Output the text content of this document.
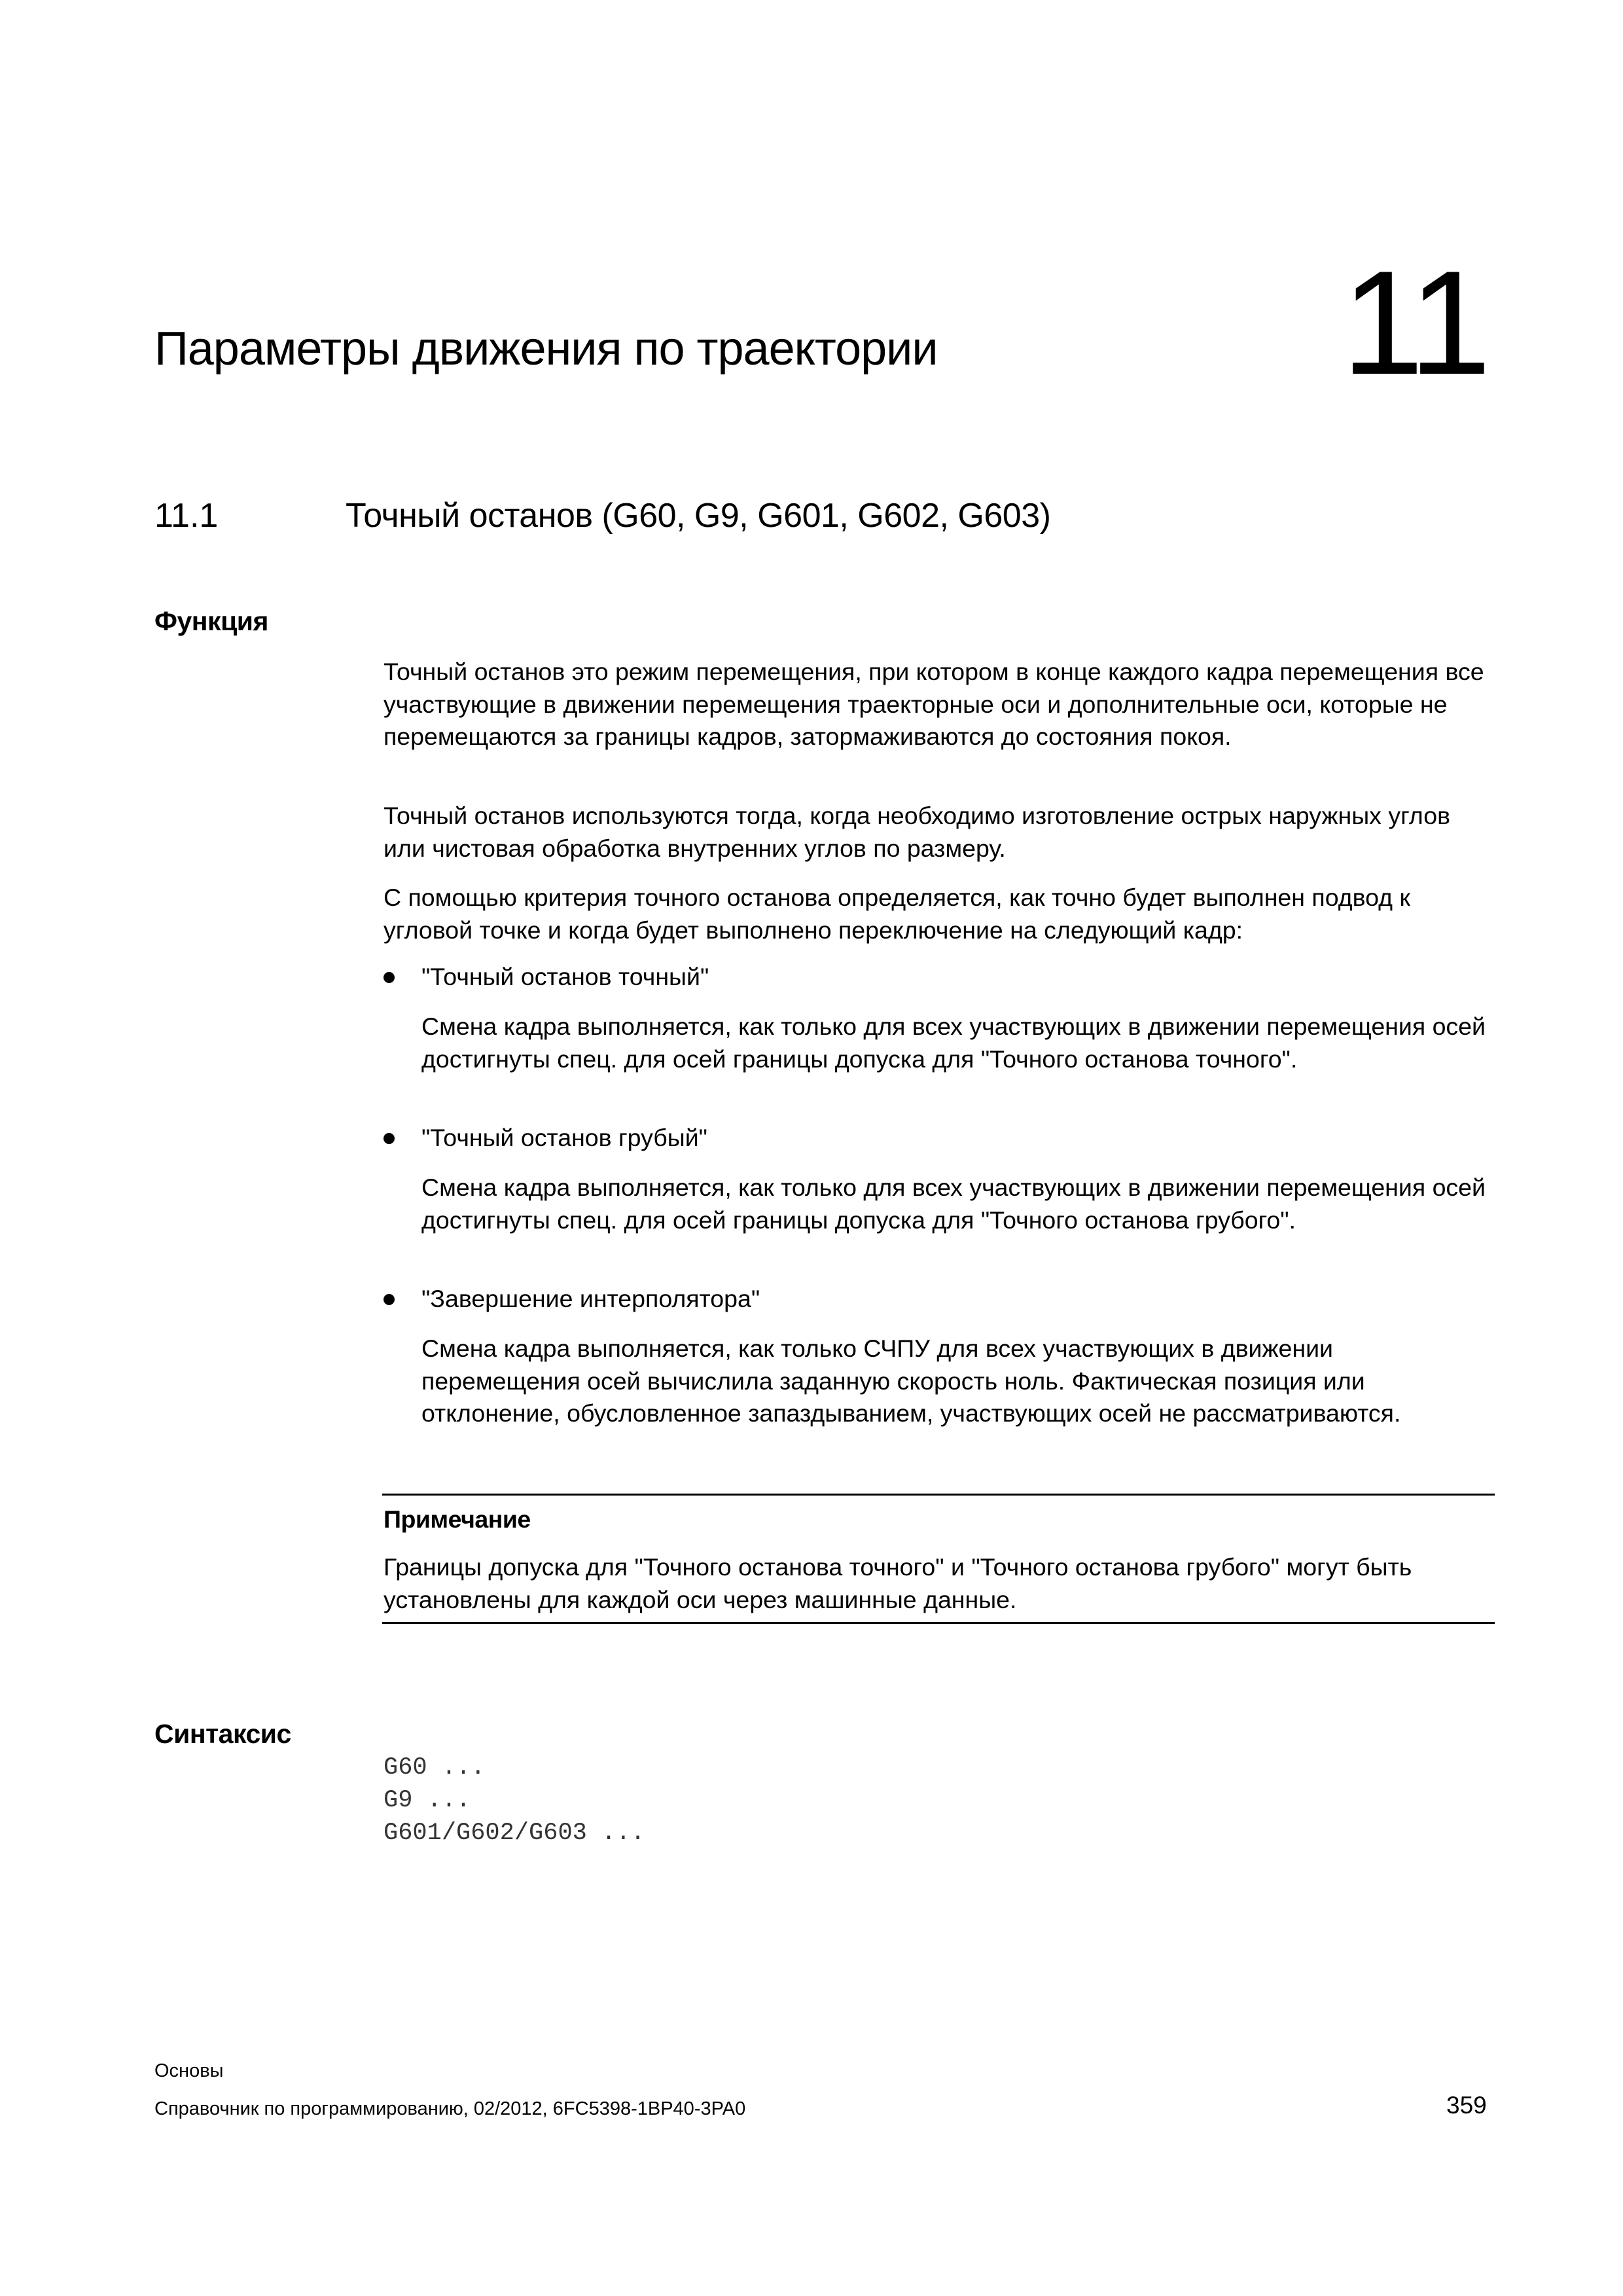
Параметры движения по траектории	11
11.1	Точный останов (G60, G9, G601, G602, G603)
Функция
Точный останов это режим перемещения, при котором в конце каждого кадра перемещения все участвующие в движении перемещения траекторные оси и дополнительные оси, которые не перемещаются за границы кадров, затормаживаются до состояния покоя.
Точный останов используются тогда, когда необходимо изготовление острых наружных углов или чистовая обработка внутренних углов по размеру.
С помощью критерия точного останова определяется, как точно будет выполнен подвод к угловой точке и когда будет выполнено переключение на следующий кадр:
"Точный останов точный"
Смена кадра выполняется, как только для всех участвующих в движении перемещения осей достигнуты спец. для осей границы допуска для "Точного останова точного".
"Точный останов грубый"
Смена кадра выполняется, как только для всех участвующих в движении перемещения осей достигнуты спец. для осей границы допуска для "Точного останова грубого".
"Завершение интерполятора"
Смена кадра выполняется, как только СЧПУ для всех участвующих в движении перемещения осей вычислила заданную скорость ноль. Фактическая позиция или отклонение, обусловленное запаздыванием, участвующих осей не рассматриваются.
Примечание
Границы допуска для "Точного останова точного" и "Точного останова грубого" могут быть установлены для каждой оси через машинные данные.
Синтаксис
G60 ...
G9 ...
G601/G602/G603 ...
Основы
Справочник по программированию, 02/2012, 6FC5398-1BP40-3PA0	359
